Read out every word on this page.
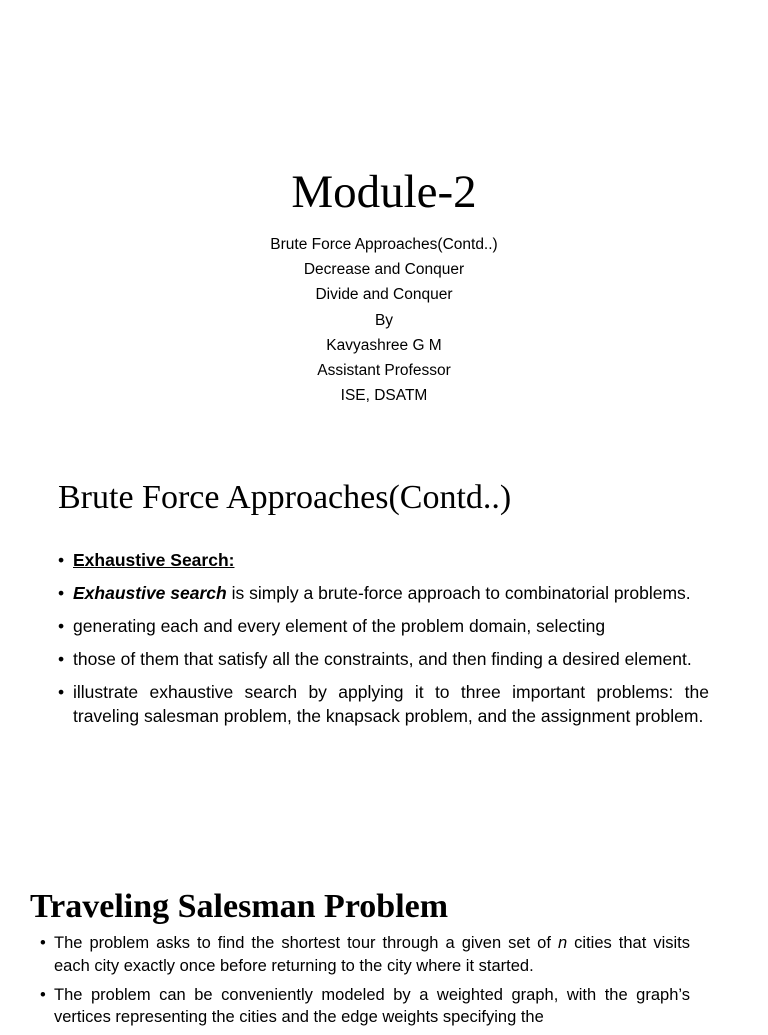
Module-2
Brute Force Approaches(Contd..)
Decrease and Conquer
Divide and Conquer
By
Kavyashree G M
Assistant Professor
ISE, DSATM
Brute Force Approaches(Contd..)
• Exhaustive Search:
• Exhaustive search is simply a brute-force approach to combinatorial problems.
• generating each and every element of the problem domain, selecting
• those of them that satisfy all the constraints, and then finding a desired element.
• illustrate exhaustive search by applying it to three important problems: the traveling salesman problem, the knapsack problem, and the assignment problem.
Traveling Salesman Problem
• The problem asks to find the shortest tour through a given set of n cities that visits each city exactly once before returning to the city where it started.
• The problem can be conveniently modeled by a weighted graph, with the graph’s vertices representing the cities and the edge weights specifying the
